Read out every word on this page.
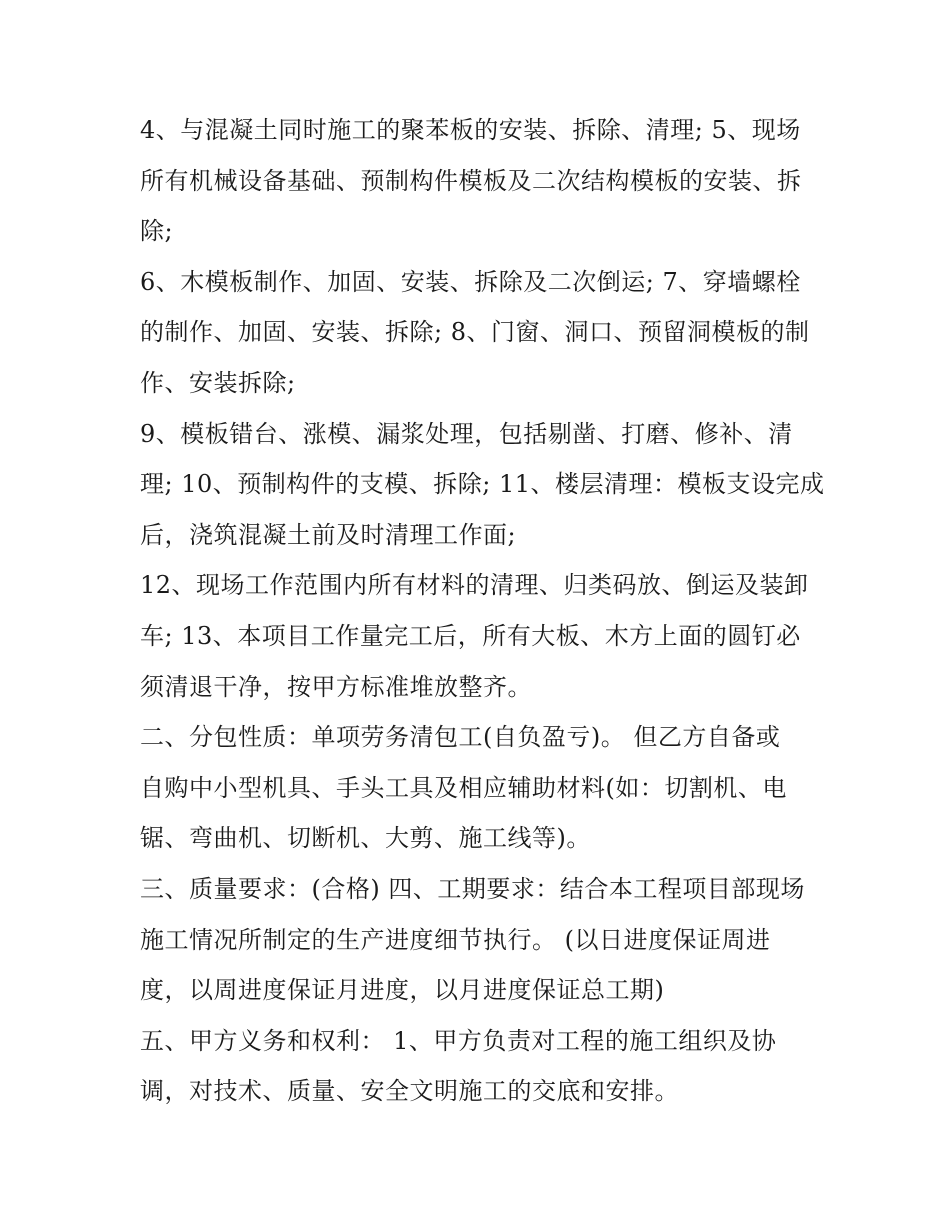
4、与混凝土同时施工的聚苯板的安装、拆除、清理; 5、现场
所有机械设备基础、预制构件模板及二次结构模板的安装、拆
除;
6、木模板制作、加固、安装、拆除及二次倒运; 7、穿墙螺栓
的制作、加固、安装、拆除; 8、门窗、洞口、预留洞模板的制
作、安装拆除;
9、模板错台、涨模、漏浆处理，包括剔凿、打磨、修补、清
理; 10、预制构件的支模、拆除; 11、楼层清理：模板支设完成
后，浇筑混凝土前及时清理工作面;
12、现场工作范围内所有材料的清理、归类码放、倒运及装卸
车; 13、本项目工作量完工后，所有大板、木方上面的圆钉必
须清退干净，按甲方标准堆放整齐。
二、分包性质：单项劳务清包工(自负盈亏)。 但乙方自备或
自购中小型机具、手头工具及相应辅助材料(如：切割机、电
锯、弯曲机、切断机、大剪、施工线等)。
三、质量要求：(合格) 四、工期要求：结合本工程项目部现场
施工情况所制定的生产进度细节执行。 (以日进度保证周进
度，以周进度保证月进度，以月进度保证总工期)
五、甲方义务和权利： 1、甲方负责对工程的施工组织及协
调，对技术、质量、安全文明施工的交底和安排。
